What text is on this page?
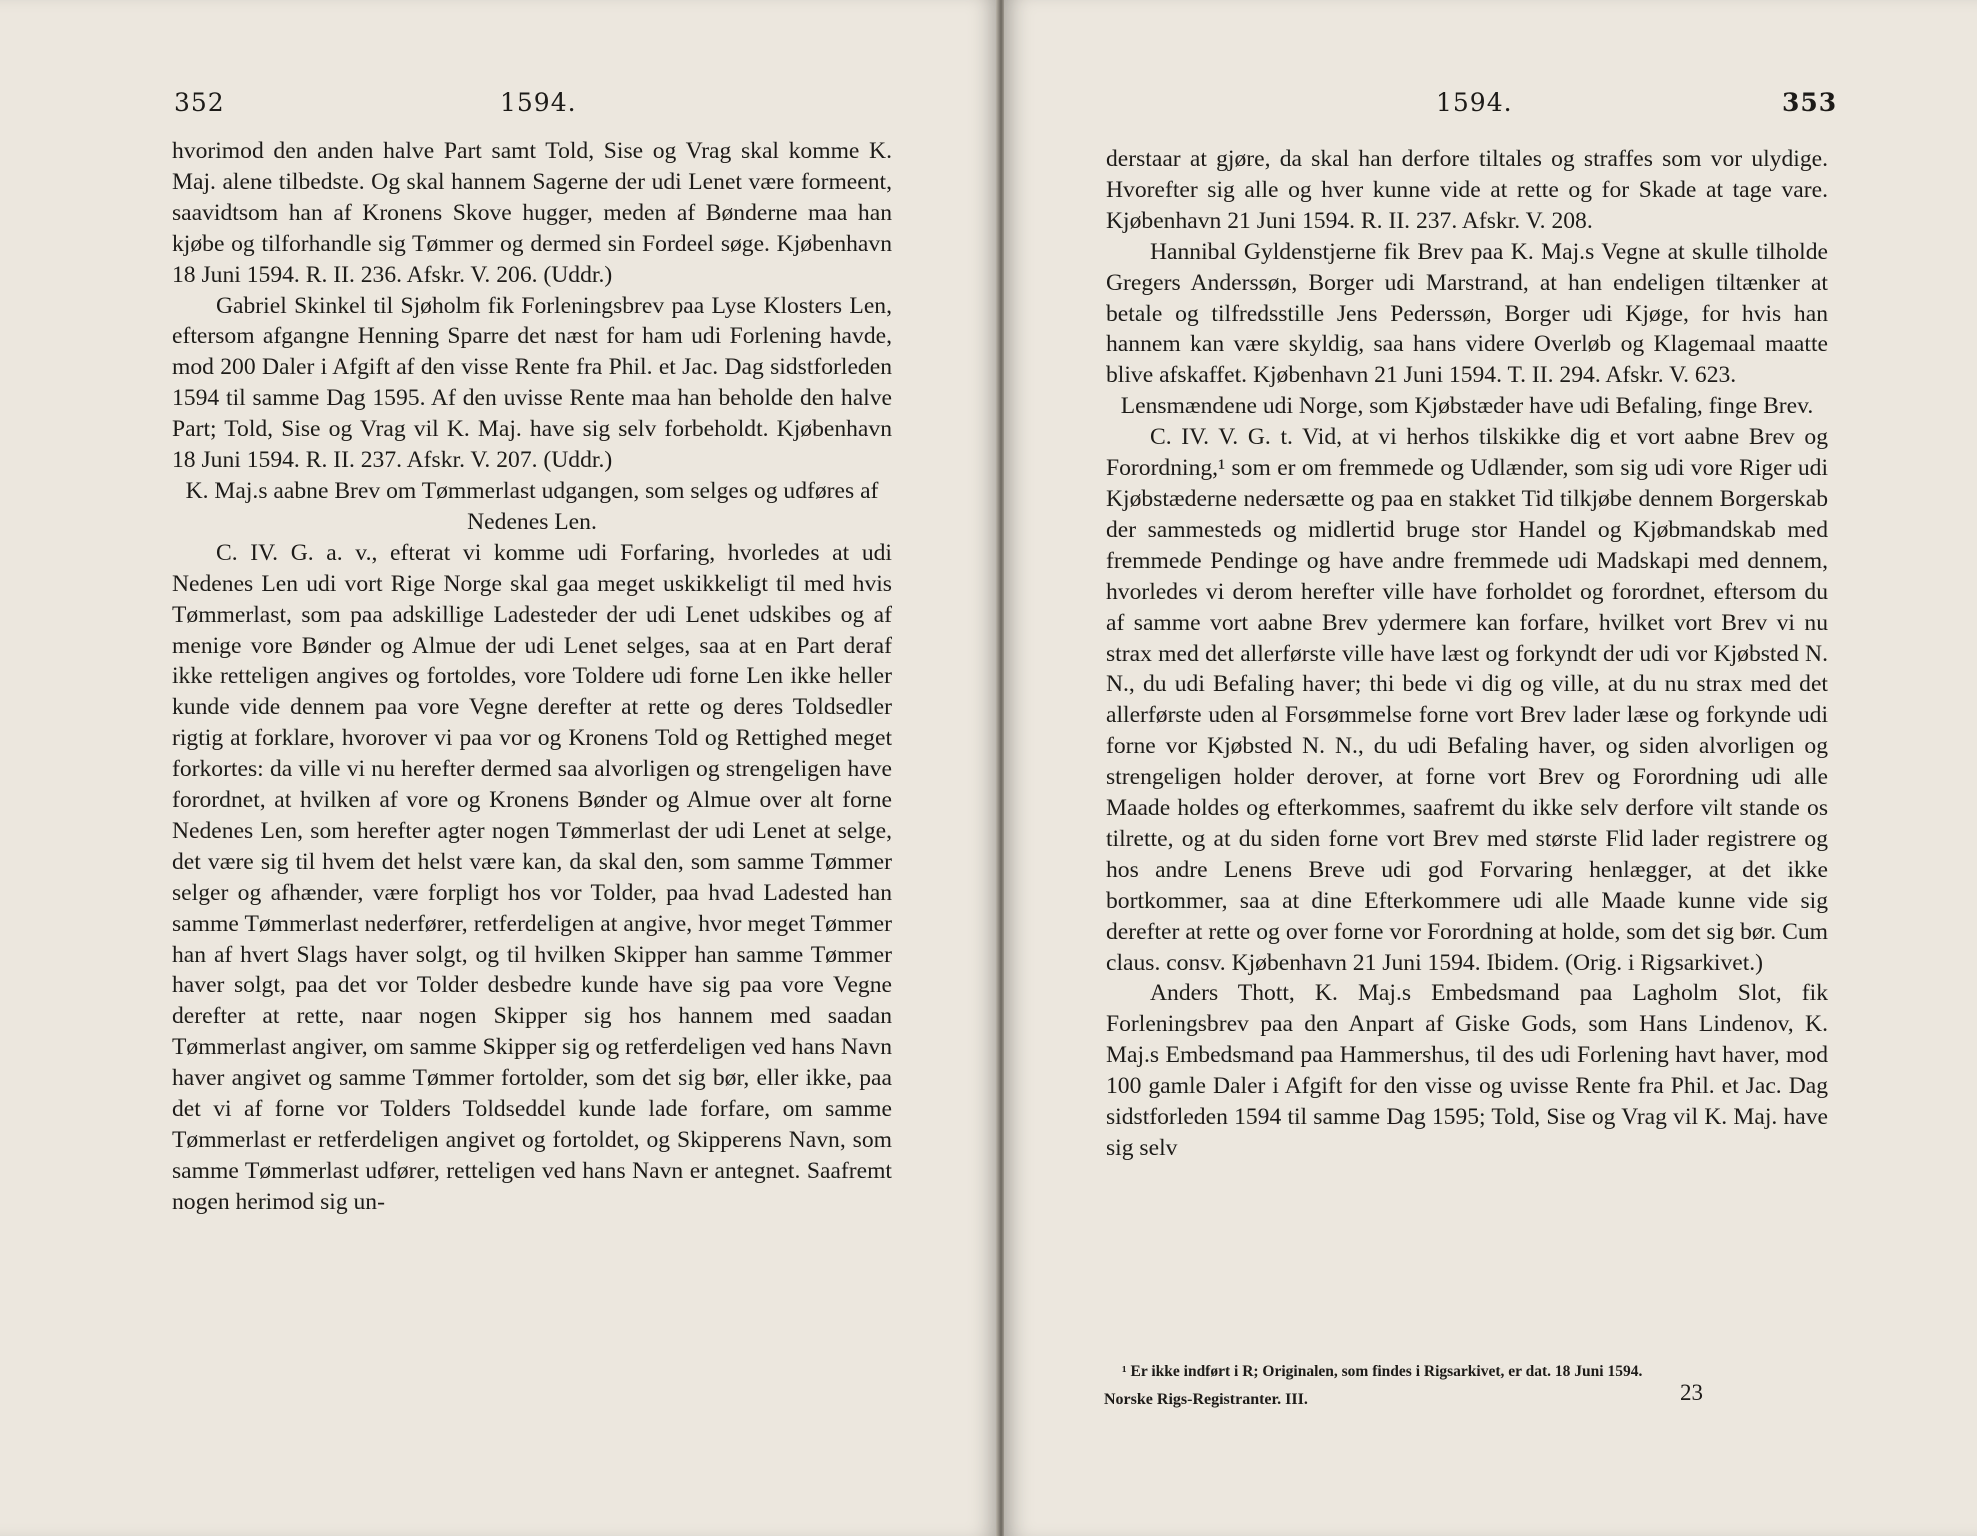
352	1594.

hvorimod den anden halve Part samt Told, Sise og Vrag skal komme K. Maj. alene tilbedste. Og skal hannem Sagerne der udi Lenet være formeent, saavidtsom han af Kronens Skove hugger, meden af Bønderne maa han kjøbe og tilforhandle sig Tømmer og dermed sin Fordeel søge. Kjøbenhavn 18 Juni 1594. R. II. 236. Afskr. V. 206. (Uddr.)

Gabriel Skinkel til Sjøholm fik Forleningsbrev paa Lyse Klosters Len, eftersom afgangne Henning Sparre det næst for ham udi Forlening havde, mod 200 Daler i Afgift af den visse Rente fra Phil. et Jac. Dag sidstforleden 1594 til samme Dag 1595. Af den uvisse Rente maa han beholde den halve Part; Told, Sise og Vrag vil K. Maj. have sig selv forbeholdt. Kjøbenhavn 18 Juni 1594. R. II. 237. Afskr. V. 207. (Uddr.)

K. Maj.s aabne Brev om Tømmerlast udgangen, som selges og udføres af Nedenes Len.

C. IV. G. a. v., efterat vi komme udi Forfaring, hvorledes at udi Nedenes Len udi vort Rige Norge skal gaa meget uskikkeligt til med hvis Tømmerlast, som paa adskillige Ladesteder der udi Lenet udskibes og af menige vore Bønder og Almue der udi Lenet selges, saa at en Part deraf ikke retteligen angives og fortoldes, vore Toldere udi forne Len ikke heller kunde vide dennem paa vore Vegne derefter at rette og deres Toldsedler rigtig at forklare, hvorover vi paa vor og Kronens Told og Rettighed meget forkortes: da ville vi nu herefter dermed saa alvorligen og strengeligen have forordnet, at hvilken af vore og Kronens Bønder og Almue over alt forne Nedenes Len, som herefter agter nogen Tømmerlast der udi Lenet at selge, det være sig til hvem det helst være kan, da skal den, som samme Tømmer selger og afhænder, være forpligt hos vor Tolder, paa hvad Ladested han samme Tømmerlast nederfører, retferdeligen at angive, hvor meget Tømmer han af hvert Slags haver solgt, og til hvilken Skipper han samme Tømmer haver solgt, paa det vor Tolder desbedre kunde have sig paa vore Vegne derefter at rette, naar nogen Skipper sig hos hannem med saadan Tømmerlast angiver, om samme Skipper sig og retferdeligen ved hans Navn haver angivet og samme Tømmer fortolder, som det sig bør, eller ikke, paa det vi af forne vor Tolders Toldseddel kunde lade forfare, om samme Tømmerlast er retferdeligen angivet og fortoldet, og Skipperens Navn, som samme Tømmerlast udfører, retteligen ved hans Navn er antegnet. Saafremt nogen herimod sig un-

1594.	353

derstaar at gjøre, da skal han derfore tiltales og straffes som vor ulydige. Hvorefter sig alle og hver kunne vide at rette og for Skade at tage vare. Kjøbenhavn 21 Juni 1594. R. II. 237. Afskr. V. 208.

Hannibal Gyldenstjerne fik Brev paa K. Maj.s Vegne at skulle tilholde Gregers Anderssøn, Borger udi Marstrand, at han endeligen tiltænker at betale og tilfredsstille Jens Pederssøn, Borger udi Kjøge, for hvis han hannem kan være skyldig, saa hans videre Overløb og Klagemaal maatte blive afskaffet. Kjøbenhavn 21 Juni 1594. T. II. 294. Afskr. V. 623.

Lensmændene udi Norge, som Kjøbstæder have udi Befaling, finge Brev.

C. IV. V. G. t. Vid, at vi herhos tilskikke dig et vort aabne Brev og Forordning,¹ som er om fremmede og Udlænder, som sig udi vore Riger udi Kjøbstæderne nedersætte og paa en stakket Tid tilkjøbe dennem Borgerskab der sammesteds og midlertid bruge stor Handel og Kjøbmandskab med fremmede Pendinge og have andre fremmede udi Madskapi med dennem, hvorledes vi derom herefter ville have forholdet og forordnet, eftersom du af samme vort aabne Brev ydermere kan forfare, hvilket vort Brev vi nu strax med det allerførste ville have læst og forkyndt der udi vor Kjøbsted N. N., du udi Befaling haver; thi bede vi dig og ville, at du nu strax med det allerførste uden al Forsømmelse forne vort Brev lader læse og forkynde udi forne vor Kjøbsted N. N., du udi Befaling haver, og siden alvorligen og strengeligen holder derover, at forne vort Brev og Forordning udi alle Maade holdes og efterkommes, saafremt du ikke selv derfore vilt stande os tilrette, og at du siden forne vort Brev med største Flid lader registrere og hos andre Lenens Breve udi god Forvaring henlægger, at det ikke bortkommer, saa at dine Efterkommere udi alle Maade kunne vide sig derefter at rette og over forne vor Forordning at holde, som det sig bør. Cum claus. consv. Kjøbenhavn 21 Juni 1594. Ibidem. (Orig. i Rigsarkivet.)

Anders Thott, K. Maj.s Embedsmand paa Lagholm Slot, fik Forleningsbrev paa den Anpart af Giske Gods, som Hans Lindenov, K. Maj.s Embedsmand paa Hammershus, til des udi Forlening havt haver, mod 100 gamle Daler i Afgift for den visse og uvisse Rente fra Phil. et Jac. Dag sidstforleden 1594 til samme Dag 1595; Told, Sise og Vrag vil K. Maj. have sig selv

¹ Er ikke indført i R; Originalen, som findes i Rigsarkivet, er dat. 18 Juni 1594.
Norske Rigs-Registranter. III.	23
